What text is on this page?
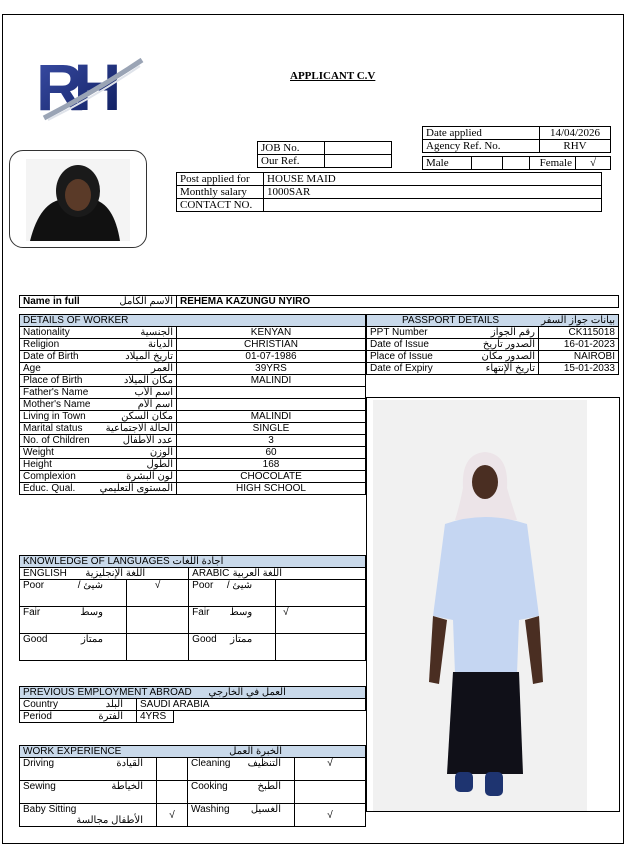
RH	APPLICANT C.V
Date applied	14/04/2026
Agency Ref. No.	RHV
Male			Female	√
JOB No.	
Our Ref.	
Post applied for	HOUSE MAID
Monthly salary	1000SAR
CONTACT NO.	
Name in full	الاسم الكامل	REHEMA KAZUNGU NYIRO
DETAILS OF WORKER	
Nationality الجنسية	KENYAN
Religion الديانة	CHRISTIAN
Date of Birth تاريخ الميلاد	01-07-1986
Age العمر	39YRS
Place of Birth مكان الميلاد	MALINDI
Father's Name اسم الأب	

Mother's Name اسم الأم	

Living in Town مكان السكن	MALINDI
Marital status الحالة الاجتماعية	SINGLE
No. of Children عدد الأطفال	3
Weight الوزن	60
Height الطول	168
Complexion لون البشرة	CHOCOLATE
Educ. Qual. المستوى التعليمي	HIGH SCHOOL
PASSPORT DETAILS بيانات جواز السفر	

PPT Number رقم الجواز	CK115018
Date of Issue الصدور تاريخ	16-01-2023
Place of Issue الصدور مكان	NAIROBI
Date of Expiry تاريخ الإنتهاء	15-01-2033
KNOWLEDGE OF LANGUAGES اجادة اللغات			
ENGLISH اللغة الإنجليزية		ARABIC اللغة العربية	

Poor شيئ /	√	Poor شيئ /	

Fair وسط		Fair وسط	√
Good ممتاز		Good ممتاز	

PREVIOUS EMPLOYMENT ABROAD العمل في الخارجي		
Country البلد	SAUDI ARABIA	
Period الفترة	4YRS	
WORK EXPERIENCE الخبرة العمل			

Driving القيادة		Cleaning التنظيف	√
Sewing الخياطة		Cooking الطبخ	

Baby Sitting
الأطفال مجالسة	√	Washing الغسيل	√
